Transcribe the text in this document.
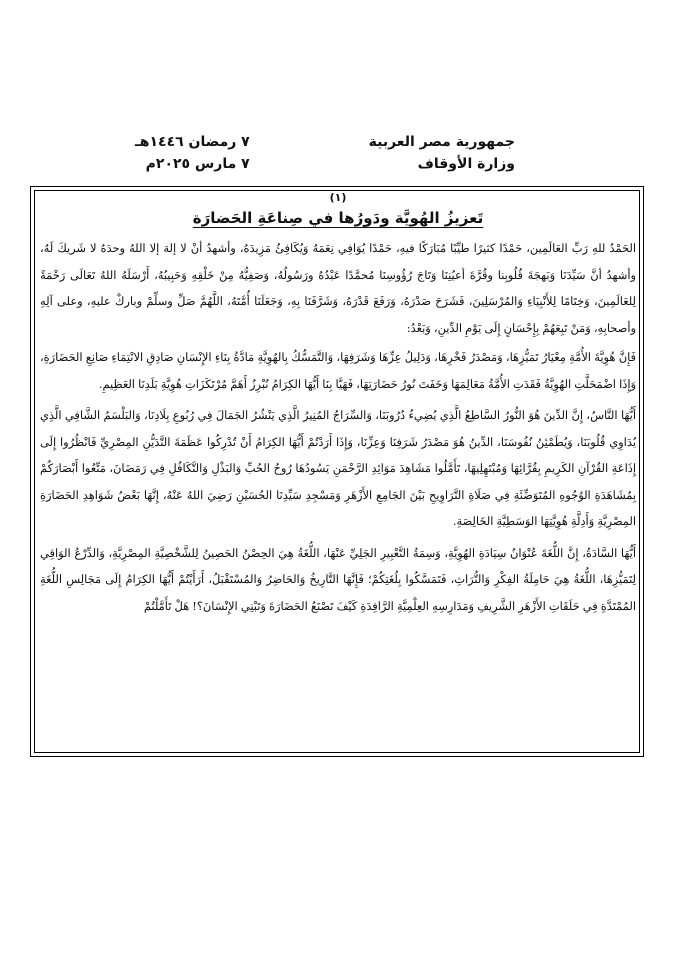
جمهورية مصر العربية
وزارة الأوقاف
٧ رمضان ١٤٤٦هـ
٧ مارس ٢٠٢٥م
(١)
تَعزيزُ الهُويَّة ودَورُها في صِناعَةِ الحَضارَة

الحَمْدُ للهِ رَبِّ العَالَمِين، حَمْدًا كثيرًا طيِّبًا مُبَارَكًا فيهِ، حَمْدًا يُوَافِي نِعَمَهُ وَيُكَافِئُ مَزِيدَهُ، وأشهدُ أنْ لا إلهَ إلا اللهُ وحدَهُ لا شَريكَ لَهُ، وأشهدُ أنَّ سَيِّدَنَا وَبَهجَةَ قُلُوبِنا وقُرَّةَ أعيُنِنَا وَتَاجَ رُؤُوسِنَا مُحمَّدًا عَبْدُهُ ورَسُولُهُ، وَصَفِيُّهُ مِنْ خَلْقِهِ وَحَبِيبُهُ، أَرْسَلَهُ اللهُ تَعَالَى رَحْمَةً لِلعَالَمِينَ، وَخِتَامًا لِلأَنْبِيَاءِ وَالمُرْسَلِينَ، فَشَرَحَ صَدْرَهُ، وَرَفَعَ قَدْرَهُ، وَشَرَّفَنَا بِهِ، وَجَعَلَنَا أُمَّتَهُ، اللَّهُمَّ صَلِّ وسلِّمْ وباركْ عليهِ، وعلى آلِهِ وأصحابِهِ، وَمَنْ تَبِعَهُمْ بِإِحْسَانٍ إِلَى يَوْمِ الدِّينِ، وَبَعْدُ:

فَإِنَّ هُوِيَّةَ الأُمَّةِ مِعْيَارُ تَمَيُّزِهَا، وَمَصْدَرُ فَخْرِهَا، وَدَلِيلُ عِزِّهَا وَشَرَفِهَا، وَالتَّمَسُّكُ بِالهُوِيَّةِ مَادَّةُ بِنَاءِ الإِنْسَانِ صَادِقِ الانْتِمَاءِ صَانِعِ الحَضَارَةِ، وَإِذَا اضْمَحَلَّتِ الهُوِيَّةُ فَقَدَتِ الأُمَّةُ مَعَالِمَهَا وَخَفَتَ نُورُ حَضَارَتِهَا، فَهَيَّا بِنَا أَيُّهَا الكِرَامُ نُبْرِزُ أَهَمَّ مُرْتَكَزَاتِ هُوِيَّةِ بَلَدِنَا العَظِيمِ.

أَيُّهَا النَّاسُ، إِنَّ الدِّينَ هُوَ النُّورُ السَّاطِعُ الَّذِي يُضِيءُ دُرُوبَنَا، وَالسِّرَاجُ المُنِيرُ الَّذِي يَنْشُرُ الجَمَالَ فِي رُبُوعِ بِلَادِنَا، وَالبَلْسَمُ الشَّافِي الَّذِي يُدَاوِي قُلُوبَنَا، وَيُطَمْئِنُ نُفُوسَنَا، الدِّينُ هُوَ مَصْدَرُ شَرَفِنَا وَعِزِّنَا، وَإِذَا أَرَدْتُمْ أَيُّهَا الكِرَامُ أَنْ تُدْرِكُوا عَظَمَةَ التَّدَيُّنِ المِصْرِيِّ فَانْظُرُوا إِلَى إِذَاعَةِ القُرْآنِ الكَرِيمِ بِقُرَّائِهَا وَمُبْتَهِلِيهَا، تَأَمَّلُوا مَشَاهِدَ مَوَائِدِ الرَّحْمَنِ يَسُودُهَا رُوحُ الحُبِّ وَالبَذْلِ وَالتَّكَافُلِ فِي رَمَضَانَ، مَتِّعُوا أَبْصَارَكُمْ بِمُشَاهَدَةِ الوُجُوهِ المُتَوَضِّئَةِ فِي صَلَاةِ التَّرَاوِيحِ بَيْنَ الجَامِعِ الأَزْهَرِ وَمَسْجِدِ سَيِّدِنَا الحُسَيْنِ رَضِيَ اللهُ عَنْهُ، إِنَّهَا بَعْضُ شَوَاهِدِ الحَضَارَةِ المِصْرِيَّةِ وَأَدِلَّةِ هُوِيَّتِهَا الوَسَطِيَّةِ الخَالِصَةِ.

أَيُّهَا السَّادَةُ، إِنَّ اللُّغَةَ عُنْوَانُ سِيَادَةِ الهُوِيَّةِ، وَسِمَةُ التَّعْبِيرِ الجَلِيِّ عَنْهَا، اللُّغَةُ هِيَ الحِصْنُ الحَصِينُ لِلشَّخْصِيَّةِ المِصْرِيَّةِ، وَالدِّرْعُ الوَاقِي لِتَمَيُّزِهَا، اللُّغَةُ هِيَ حَامِلَةُ الفِكْرِ وَالتُّرَاثِ، فَتَمَسَّكُوا بِلُغَتِكُمْ؛ فَإِنَّهَا التَّارِيخُ وَالحَاضِرُ وَالمُسْتَقْبَلُ، أَرَأَيْتُمْ أَيُّهَا الكِرَامُ إِلَى مَجَالِسِ اللُّغَةِ المُمْتَدَّةِ فِي حَلَقَاتِ الأَزْهَرِ الشَّرِيفِ وَمَدَارِسِهِ العِلْمِيَّةِ الرَّافِدَةِ كَيْفَ تَصْنَعُ الحَضَارَةَ وَتَبْنِي الإِنْسَانَ؟! هَلْ تَأَمَّلْتُمْ
